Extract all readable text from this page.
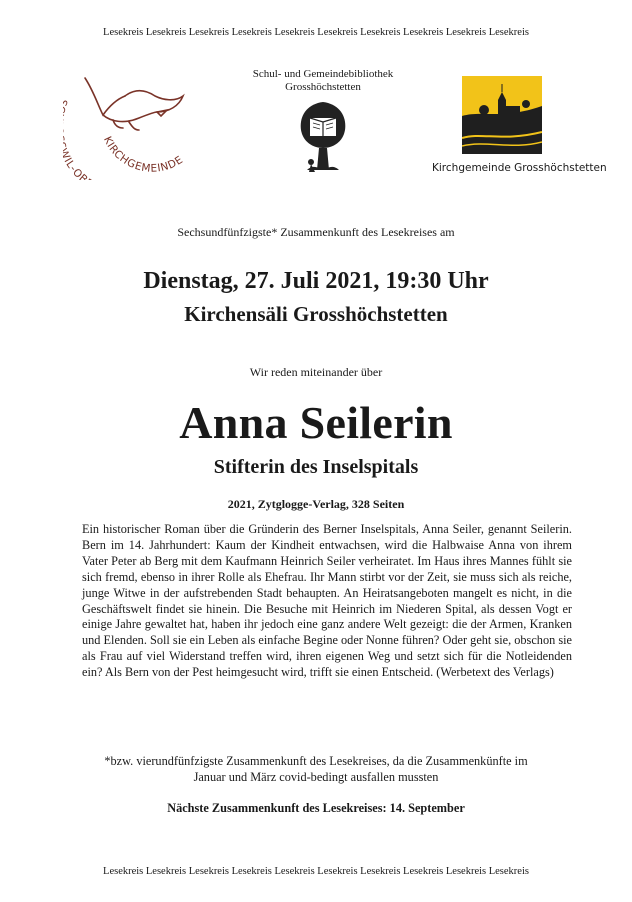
Lesekreis Lesekreis Lesekreis Lesekreis Lesekreis Lesekreis Lesekreis Lesekreis Lesekreis Lesekreis
KIRCHGEMEINDE
L-OB
Schul- und Gemeindebibliothek
Grosshöchstetten
Kirchgemeinde Grosshöchstetten
Sechsundfünfzigste* Zusammenkunft des Lesekreises am
Dienstag, 27. Juli 2021, 19:30 Uhr
Kirchensäli Grosshöchstetten
Wir reden miteinander über
Anna Seilerin
Stifterin des Inselspitals
2021, Zytglogge-Verlag, 328 Seiten
Ein historischer Roman über die Gründerin des Berner Inselspitals, Anna Seiler, genannt Seilerin. Bern im 14. Jahrhundert: Kaum der Kindheit entwachsen, wird die Halbwaise Anna von ihrem Vater Peter ab Berg mit dem Kaufmann Heinrich Seiler verheiratet. Im Haus ihres Mannes fühlt sie sich fremd, ebenso in ihrer Rolle als Ehefrau. Ihr Mann stirbt vor der Zeit, sie muss sich als reiche, junge Witwe in der aufstrebenden Stadt behaupten. An Heiratsangeboten mangelt es nicht, in die Geschäftswelt findet sie hinein. Die Besuche mit Heinrich im Niederen Spital, als dessen Vogt er einige Jahre gewaltet hat, haben ihr jedoch eine ganz andere Welt gezeigt: die der Armen, Kranken und Elenden. Soll sie ein Leben als einfache Begine oder Nonne führen? Oder geht sie, obschon sie als Frau auf viel Widerstand treffen wird, ihren eigenen Weg und setzt sich für die Notleidenden ein? Als Bern von der Pest heimgesucht wird, trifft sie einen Entscheid. (Werbetext des Verlags)
*bzw. vierundfünfzigste Zusammenkunft des Lesekreises, da die Zusammenkünfte im
Januar und März covid-bedingt ausfallen mussten
Nächste Zusammenkunft des Lesekreises: 14. September
Lesekreis Lesekreis Lesekreis Lesekreis Lesekreis Lesekreis Lesekreis Lesekreis Lesekreis Lesekreis
